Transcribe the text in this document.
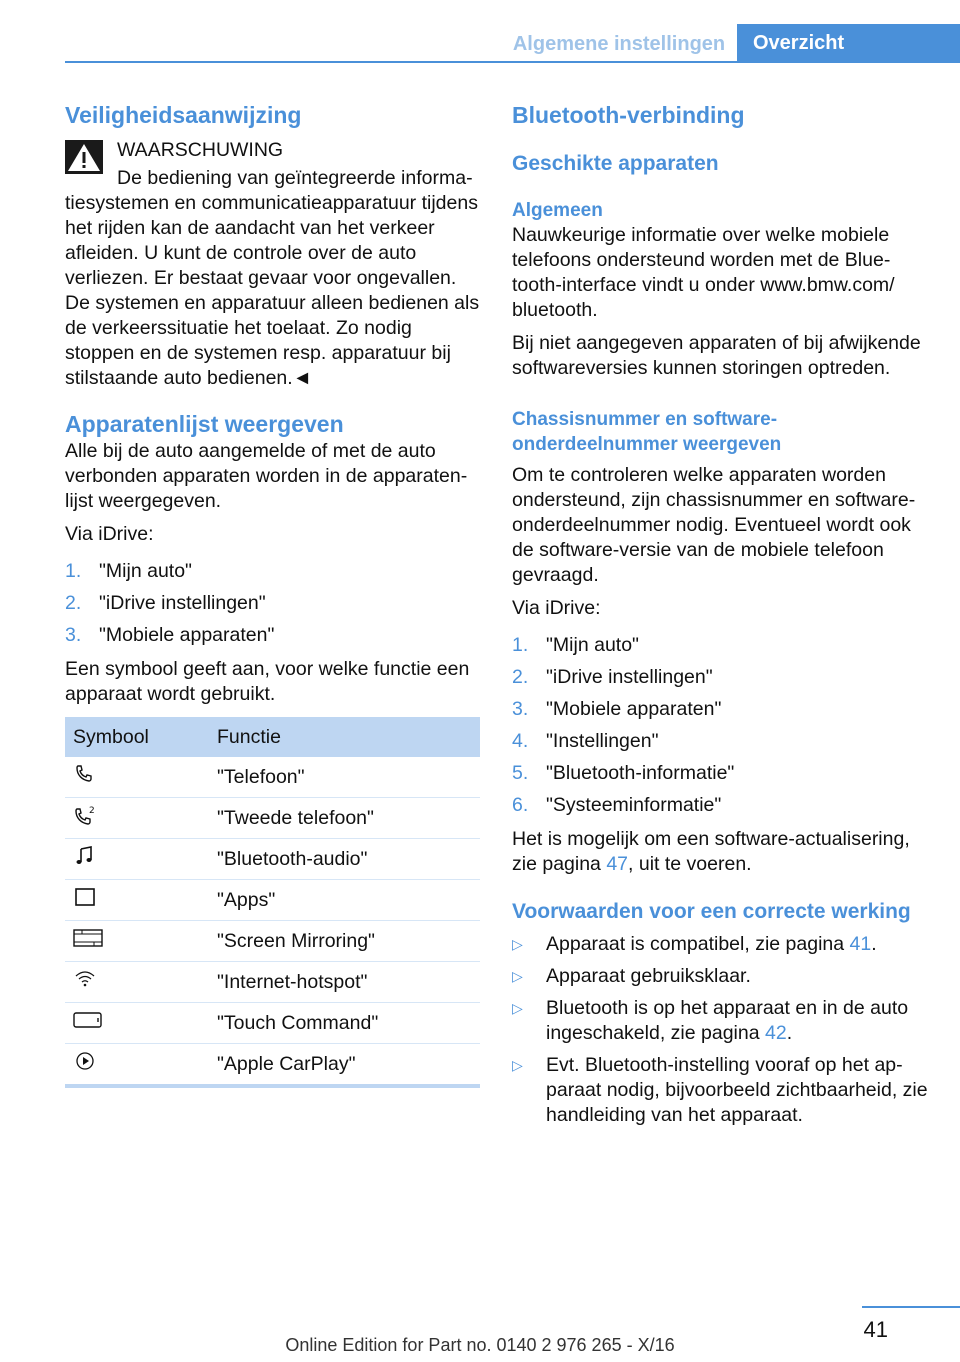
Algemene instellingen	Overzicht
Veiligheidsaanwijzing

WAARSCHUWING

De bediening van geïntegreerde informatiesystemen en communicatieapparatuur tijdens het rijden kan de aandacht van het verkeer afleiden. U kunt de controle over de auto verliezen. Er bestaat gevaar voor ongevallen. De systemen en apparatuur alleen bedienen als de verkeerssituatie het toelaat. Zo nodig stoppen en de systemen resp. apparatuur bij stilstaande auto bedienen.◄

Apparatenlijst weergeven

Alle bij de auto aangemelde of met de auto verbonden apparaten worden in de apparatenlijst weergegeven.

Via iDrive:

1. "Mijn auto"
2. "iDrive instellingen"
3. "Mobiele apparaten"

Een symbool geeft aan, voor welke functie een apparaat wordt gebruikt.

Symbool	Functie
	"Telefoon"

2	"Tweede telefoon"
	"Bluetooth-audio"
	"Apps"
	"Screen Mirroring"
	"Internet-hotspot"
	"Touch Command"
	"Apple CarPlay"
Bluetooth-verbinding
Geschikte apparaten
Algemeen

Nauwkeurige informatie over welke mobiele telefoons ondersteund worden met de Bluetooth-interface vindt u onder www.bmw.com/ bluetooth.

Bij niet aangegeven apparaten of bij afwijkende softwareversies kunnen storingen optreden.

Chassisnummer en softwareonderdeelnummer weergeven

Om te controleren welke apparaten worden ondersteund, zijn chassisnummer en softwareonderdeelnummer nodig. Eventueel wordt ook de software-versie van de mobiele telefoon gevraagd.

Via iDrive:

1. "Mijn auto"
2. "iDrive instellingen"
3. "Mobiele apparaten"
4. "Instellingen"
5. "Bluetooth-informatie"
6. "Systeeminformatie"

Het is mogelijk om een software-actualisering, zie pagina 47, uit te voeren.

Voorwaarden voor een correcte werking
▷ Apparaat is compatibel, zie pagina 41.
▷ Apparaat gebruiksklaar.
▷ Bluetooth is op het apparaat en in de auto ingeschakeld, zie pagina 42.
▷ Evt. Bluetooth-instelling vooraf op het apparaat nodig, bijvoorbeeld zichtbaarheid, zie handleiding van het apparaat.
41
Online Edition for Part no. 0140 2 976 265 - X/16
